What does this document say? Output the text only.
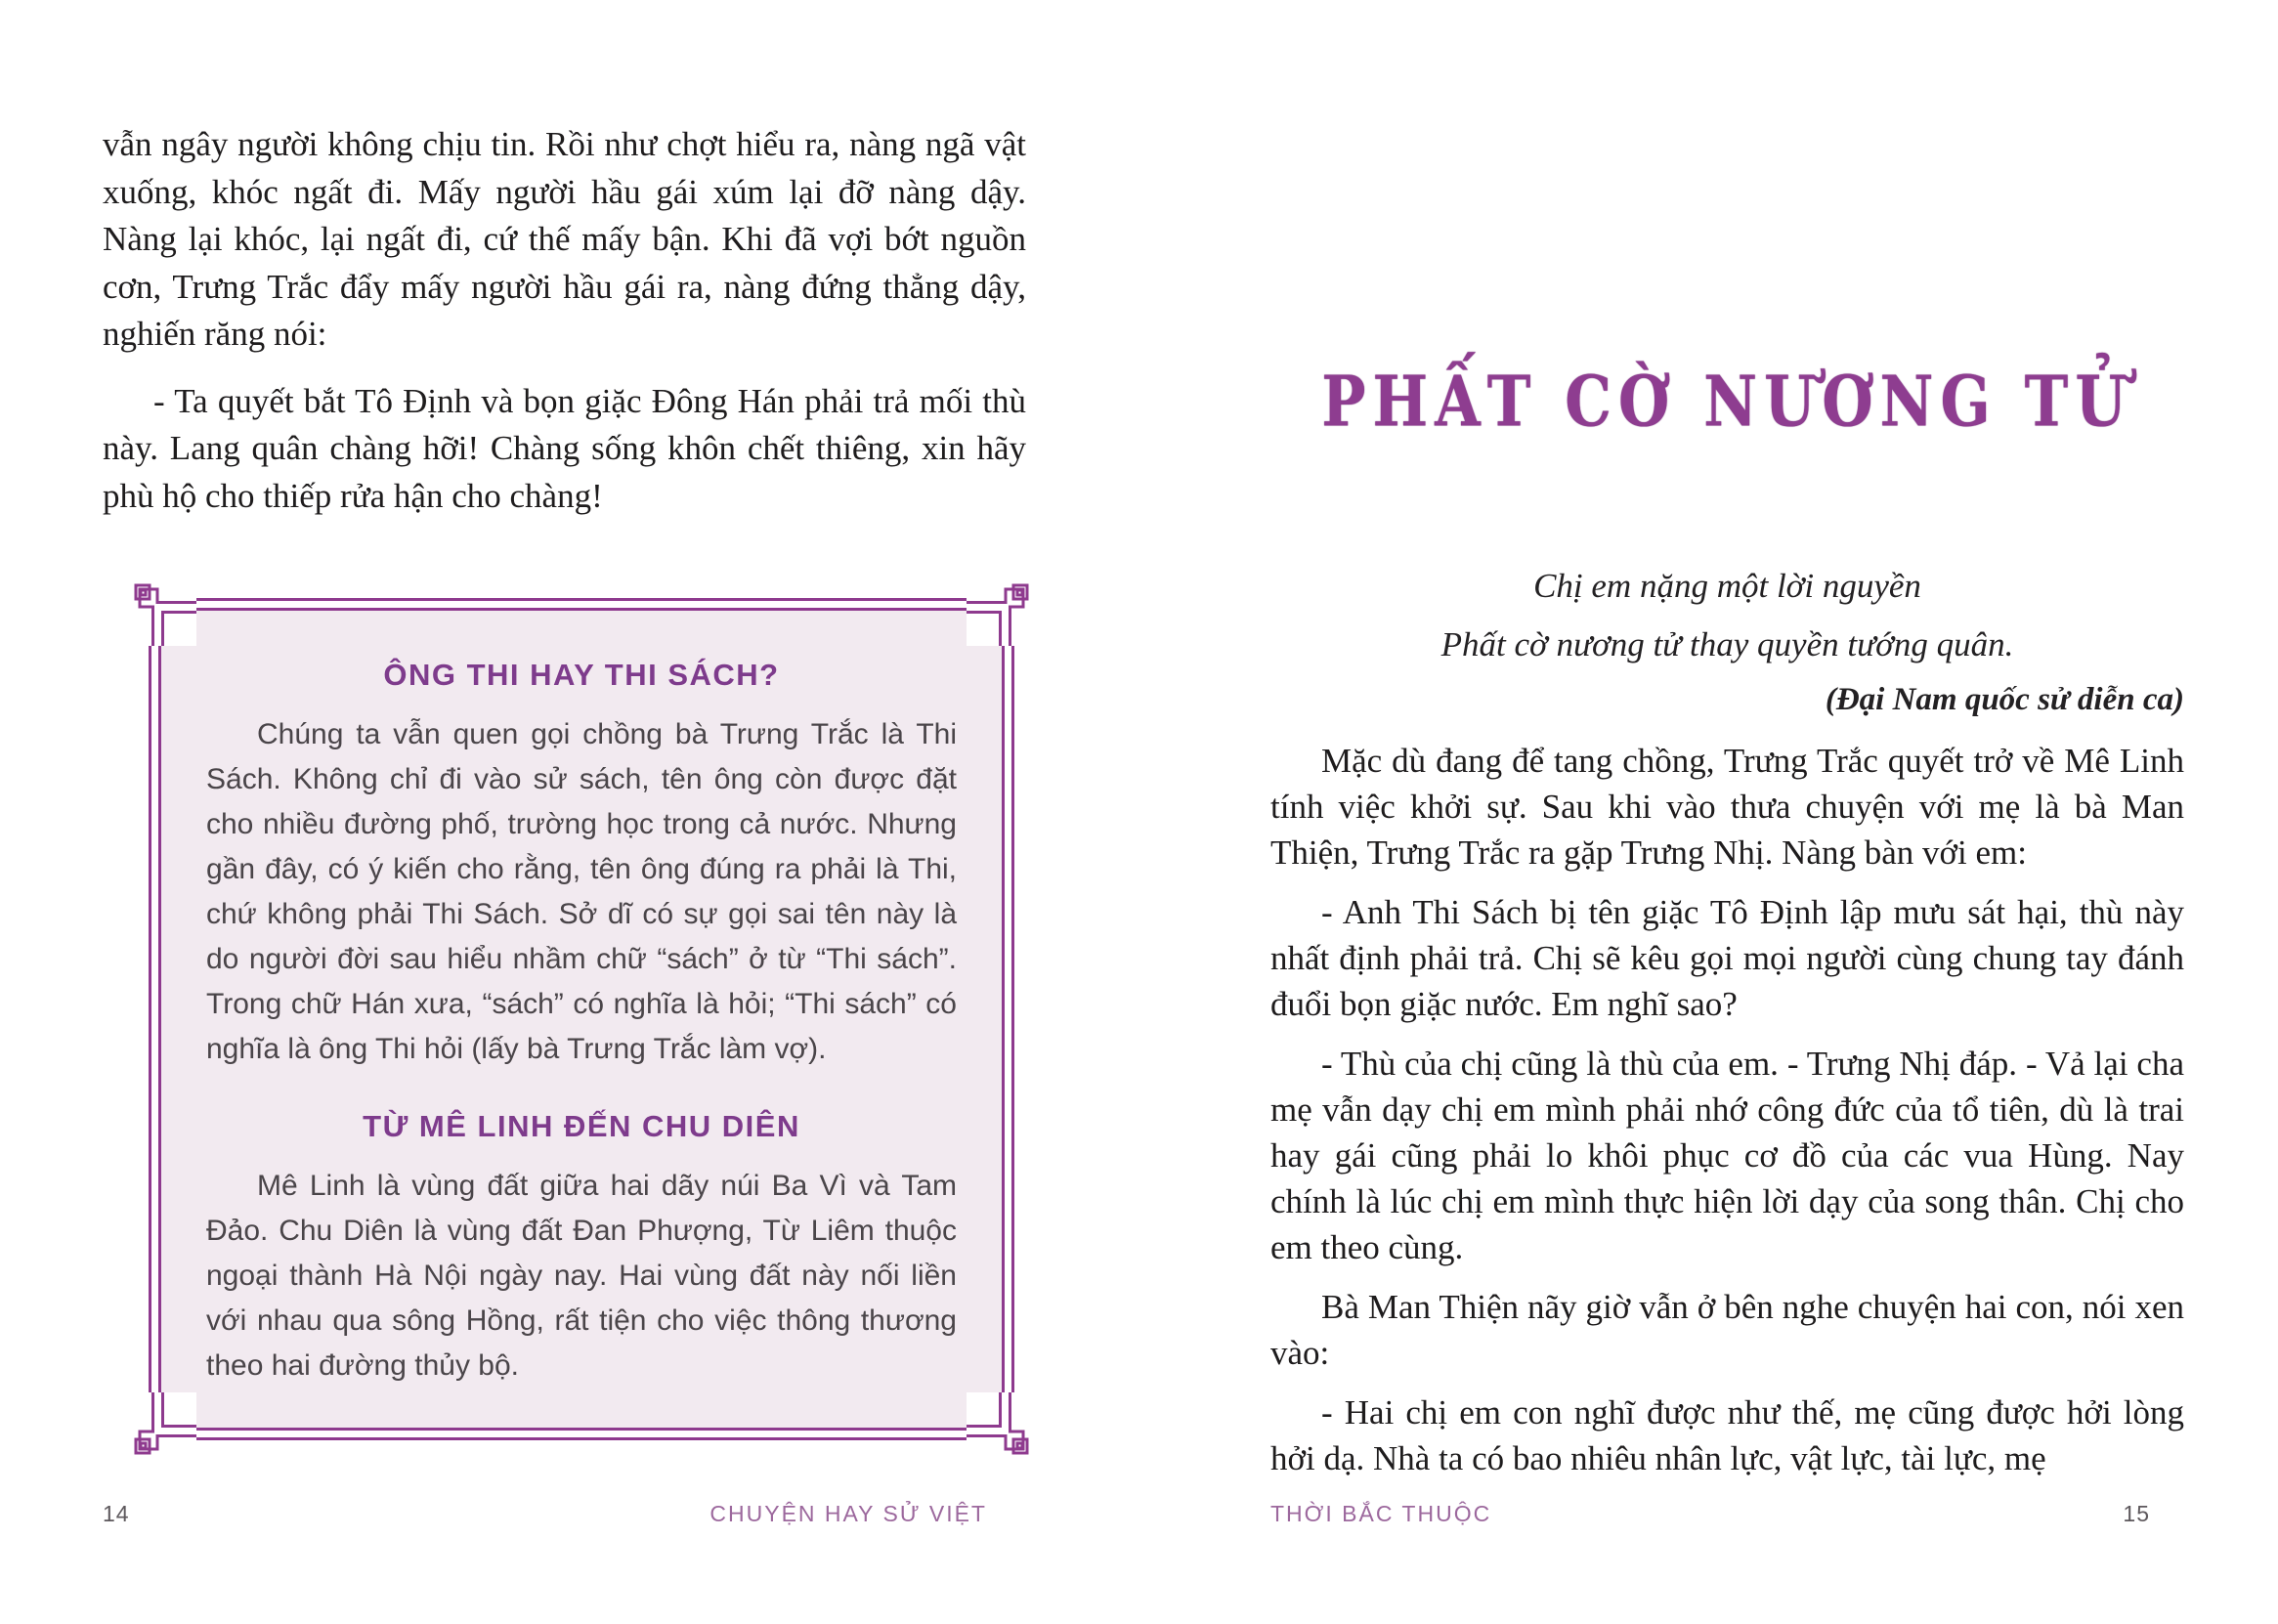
vẫn ngây người không chịu tin. Rồi như chợt hiểu ra, nàng ngã vật xuống, khóc ngất đi. Mấy người hầu gái xúm lại đỡ nàng dậy. Nàng lại khóc, lại ngất đi, cứ thế mấy bận. Khi đã vợi bớt nguồn cơn, Trưng Trắc đẩy mấy người hầu gái ra, nàng đứng thẳng dậy, nghiến răng nói:

- Ta quyết bắt Tô Định và bọn giặc Đông Hán phải trả mối thù này. Lang quân chàng hỡi! Chàng sống khôn chết thiêng, xin hãy phù hộ cho thiếp rửa hận cho chàng!

ÔNG THI HAY THI SÁCH?

Chúng ta vẫn quen gọi chồng bà Trưng Trắc là Thi Sách. Không chỉ đi vào sử sách, tên ông còn được đặt cho nhiều đường phố, trường học trong cả nước. Nhưng gần đây, có ý kiến cho rằng, tên ông đúng ra phải là Thi, chứ không phải Thi Sách. Sở dĩ có sự gọi sai tên này là do người đời sau hiểu nhầm chữ “sách” ở từ “Thi sách”. Trong chữ Hán xưa, “sách” có nghĩa là hỏi; “Thi sách” có nghĩa là ông Thi hỏi (lấy bà Trưng Trắc làm vợ).

TỪ MÊ LINH ĐẾN CHU DIÊN

Mê Linh là vùng đất giữa hai dãy núi Ba Vì và Tam Đảo. Chu Diên là vùng đất Đan Phượng, Từ Liêm thuộc ngoại thành Hà Nội ngày nay. Hai vùng đất này nối liền với nhau qua sông Hồng, rất tiện cho việc thông thương theo hai đường thủy bộ.

14	CHUYỆN HAY SỬ VIỆT
PHẤT CỜ NƯƠNG TỬ
Chị em nặng một lời nguyền
Phất cờ nương tử thay quyền tướng quân.
(Đại Nam quốc sử diễn ca)

Mặc dù đang để tang chồng, Trưng Trắc quyết trở về Mê Linh tính việc khởi sự. Sau khi vào thưa chuyện với mẹ là bà Man Thiện, Trưng Trắc ra gặp Trưng Nhị. Nàng bàn với em:

- Anh Thi Sách bị tên giặc Tô Định lập mưu sát hại, thù này nhất định phải trả. Chị sẽ kêu gọi mọi người cùng chung tay đánh đuổi bọn giặc nước. Em nghĩ sao?

- Thù của chị cũng là thù của em. - Trưng Nhị đáp. - Vả lại cha mẹ vẫn dạy chị em mình phải nhớ công đức của tổ tiên, dù là trai hay gái cũng phải lo khôi phục cơ đồ của các vua Hùng. Nay chính là lúc chị em mình thực hiện lời dạy của song thân. Chị cho em theo cùng.

Bà Man Thiện nãy giờ vẫn ở bên nghe chuyện hai con, nói xen vào:

- Hai chị em con nghĩ được như thế, mẹ cũng được hởi lòng hởi dạ. Nhà ta có bao nhiêu nhân lực, vật lực, tài lực, mẹ

THỜI BẮC THUỘC	15
